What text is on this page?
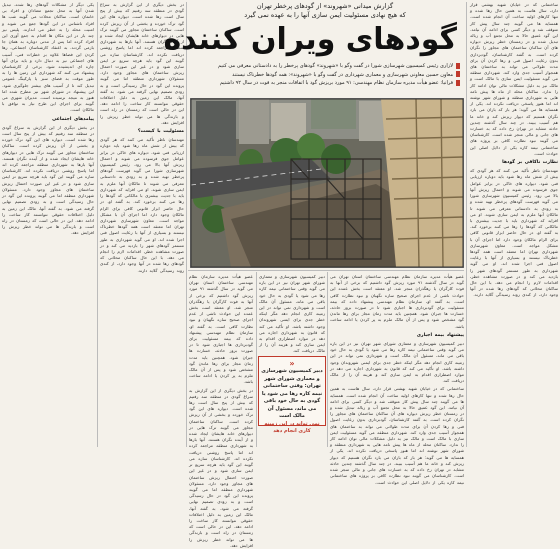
ساختمانی که در خیابان شهید بهشتی قرار دارد، سال هاست به همین حال رها شده و تنها کارهای اولیه ساخت آن انجام شده است. همسایه ها می گویند چند سال پیش کار متوقف شد و دیگر کسی برای ادامه آن نیامد. این گود عمیق حالا به محل تجمع آب و زباله تبدیل شده و در زمستان خطر ریزش دیواره های آن ساکنان ساختمان های مجاور را نگران کرده است. به گفته کارشناسان، گودبرداری بدون رعایت اصول فنی و رها کردن آن برای مدت طولانی می تواند به ساختمان های همجوار آسیب جدی وارد کند. شهرداری منطقه می گوید مسئولیت ایمن سازی با مالک است و مالک نیز به دلیل مشکلات مالی توان ادامه کار را ندارد. ساکنان محله از ماه ها پیش نامه هایی به شهرداری منطقه و شورای شهر نوشته اند اما هنوز پاسخی دریافت نکرده اند. یکی از همسایه ها می گوید: هر بار که باران می بارد نگران هستیم که دیوار ریزش کند و خانه ما هم آسیب ببیند. در چند سال گذشته چندین حادثه مشابه در تهران رخ داده که به خسارت های جانی و مالی منجر شده است. کارشناسان می گویند نبود نظارت کافی بر پروژه های ساختمانی نیمه کاره یکی از دلایل اصلی این حوادث است.

نظارت ناکافی بر گودها

مهندسان ناظر تأکید می کنند که هر گودی که بیش از شش ماه رها شود باید دوباره ارزیابی فنی شود. دیواره های خاکی در برابر عوامل جوی فرسوده می شوند و احتمال ریزش آنها بالا می رود. رئیس کمیسیون شهرسازی شورا می گوید فهرست گودهای پرخطر تهیه شده و به زودی به دادستانی معرفی می شوند تا مالکان آنها ملزم به ایمن سازی شوند. او می افزاید که شهرداری باید با جدیت بیشتری با مالکانی که گودها را رها می کنند برخورد کند. به گفته او، در حال حاضر ابزار قانونی کافی برای الزام مالکان وجود دارد اما اجرای آن با مشکل مواجه است. معاون شهرسازی شهرداری تهران اما معتقد است همه گودها خطرناک نیستند و بسیاری از آنها با رعایت اصول فنی اجرا شده اند. او می گوید شهرداری به طور مستمر گودهای شهر را بازدید می کند و در صورت مشاهده خطر، اقدامات لازم را انجام می دهد. با این حال ساکنان محلاتی که گودهای رها شده در آنها وجود دارد، از کندی روند رسیدگی گلایه دارند.

یکی دیگر از مشکلات گودهای رها شده، تبدیل شدن آنها به محل تجمع معتادان و افراد بی خانمان است. ساکنان محلات می گویند شب ها افراد ناشناس در این گودها جمع می شوند و امنیت محله را به خطر می اندازند. پلیس نیز چند بار در این مکان ها اقدام به جمع آوری این افراد کرده اما پس از مدتی دوباره به همان جا بازمی گردند. به اعتقاد کارشناسان اجتماعی، رها کردن این فضاها علاوه بر خطرات فنی، آسیب های اجتماعی نیز به دنبال دارد و باید برای آنها چاره ای اندیشیده شود. برخی از کارشناسان پیشنهاد می کنند که شهرداری این زمین ها را به طور موقت به فضای سبز یا پارکینگ عمومی تبدیل کند تا از آسیب های بیشتر جلوگیری شود. این پیشنهاد در شورای شهر نیز مطرح شده اما هنوز به نتیجه نرسیده است. مدیران شهری می گویند برای اجرای این طرح نیاز به توافق با مالکان است.

پیامدهای اجتماعی

در بخش دیگری از این گزارش به سراغ گودی در منطقه سه رفتیم که بیش از پنج سال است رها شده است. دیواره های این گود ترک خورده و بخشی از آن ریزش کرده است. ساکنان ساختمان مجاور می گویند ترک هایی در دیوارهای خانه هایشان ایجاد شده و از آینده نگران هستند. آنها بارها به شهرداری منطقه مراجعه کرده اند اما پاسخ روشنی دریافت نکرده اند. کارشناسان سازه می گویند این گود باید هرچه سریع تر ایمن سازی شود و در غیر این صورت احتمال ریزش ساختمان های مجاور وجود دارد. مسئولان شهرداری منطقه اما می گویند پرونده این گود در حال رسیدگی است و به زودی تصمیم نهایی گرفته می شود. به گفته آنها، مالک این زمین به دلیل اختلافات حقوقی نتوانسته کار ساخت را ادامه دهد. این در حالی است که زمستان در راه است و بارندگی ها می تواند خطر ریزش را افزایش دهد.

در بخش دیگری از این گزارش به سراغ گودی در منطقه سه رفتیم که بیش از پنج سال است رها شده است. دیواره های این گود ترک خورده و بخشی از آن ریزش کرده است. ساکنان ساختمان مجاور می گویند ترک هایی در دیوارهای خانه هایشان ایجاد شده و از آینده نگران هستند. آنها بارها به شهرداری منطقه مراجعه کرده اند اما پاسخ روشنی دریافت نکرده اند. کارشناسان سازه می گویند این گود باید هرچه سریع تر ایمن سازی شود و در غیر این صورت احتمال ریزش ساختمان های مجاور وجود دارد. مسئولان شهرداری منطقه اما می گویند پرونده این گود در حال رسیدگی است و به زودی تصمیم نهایی گرفته می شود. به گفته آنها، مالک این زمین به دلیل اختلافات حقوقی نتوانسته کار ساخت را ادامه دهد. این در حالی است که زمستان در راه است و بارندگی ها می تواند خطر ریزش را افزایش دهد.

مسئولیت با کیست؟

مهندسان ناظر تأکید می کنند که هر گودی که بیش از شش ماه رها شود باید دوباره ارزیابی فنی شود. دیواره های خاکی در برابر عوامل جوی فرسوده می شوند و احتمال ریزش آنها بالا می رود. رئیس کمیسیون شهرسازی شورا می گوید فهرست گودهای پرخطر تهیه شده و به زودی به دادستانی معرفی می شوند تا مالکان آنها ملزم به ایمن سازی شوند. او می افزاید که شهرداری باید با جدیت بیشتری با مالکانی که گودها را رها می کنند برخورد کند. به گفته او، در حال حاضر ابزار قانونی کافی برای الزام مالکان وجود دارد اما اجرای آن با مشکل مواجه است. معاون شهرسازی شهرداری تهران اما معتقد است همه گودها خطرناک نیستند و بسیاری از آنها با رعایت اصول فنی اجرا شده اند. او می گوید شهرداری به طور مستمر گودهای شهر را بازدید می کند و در صورت مشاهده خطر، اقدامات لازم را انجام می دهد. با این حال ساکنان محلاتی که گودهای رها شده در آنها وجود دارد، از کندی روند رسیدگی گلایه دارند.

گزارش میدانی «شهروند» از گودهای پرخطر تهران
که هیچ نهادی مسئولیت ایمن سازی آنها را به عهده نمی گیرد
گودهای ویران کننده
لازاری رئیس کمیسیون شهرسازی شورا در گفت وگو با «شهروند» گودهای پرخطر را به دادستانی معرفی می کنیم
معاون حسین معاونی شهرسازی و معماری شهرداری در گفت وگو با «شهروند»: همه گودها خطرناک نیستند
فرانیا: عضو هیأت مدیره سازمان نظام مهندسی: ۹۱ مورد بریزش گود با اتفاقات منجر به فوت در سال ۹۲ داشتیم

عضو هیأت مدیره سازمان نظام مهندسی ساختمان استان تهران می گوید در سال گذشته ۹۱ مورد ریزش گود داشتیم که برخی از آنها به فوت کارگران یا رهگذران منجر شد. او معتقد است بخش عمده این حوادث ناشی از عدم اجرای صحیح سازه نگهبان و نبود نظارت کافی است. به گفته او، سازمان نظام مهندسی پیشنهاد داده که بیمه مسئولیت برای گودبرداری ها اجباری شود تا در صورت بروز حادثه، خسارت ها جبران شود. همچنین باید مدت زمان مجاز برای رها ماندن گود مشخص شود و پس از آن مالک ملزم به پر کردن یا ادامه ساخت باشد.

پیشنهاد بیمه اجباری

دبیر کمیسیون شهرسازی و معماری شورای شهر تهران نیز در این باره می گوید وقتی ساختمانی نیمه کاره رها می شود یا گودی به حال خود باقی می ماند، مسئول آن مالک است و شهرداری نمی تواند در این زمینه کاری انجام دهد مگر اینکه خطر جدی برای ایمنی شهروندان وجود داشته باشد. او تأکید می کند که قانون به شهرداری اجازه می دهد در موارد اضطراری اقدام به ایمن سازی کند و هزینه آن را از مالک دریافت کند.

ساختمانی که در خیابان شهید بهشتی قرار دارد، سال هاست به همین حال رها شده و تنها کارهای اولیه ساخت آن انجام شده است. همسایه ها می گویند چند سال پیش کار متوقف شد و دیگر کسی برای ادامه آن نیامد. این گود عمیق حالا به محل تجمع آب و زباله تبدیل شده و در زمستان خطر ریزش دیواره های آن ساکنان ساختمان های مجاور را نگران کرده است. به گفته کارشناسان، گودبرداری بدون رعایت اصول فنی و رها کردن آن برای مدت طولانی می تواند به ساختمان های همجوار آسیب جدی وارد کند. شهرداری منطقه می گوید مسئولیت ایمن سازی با مالک است و مالک نیز به دلیل مشکلات مالی توان ادامه کار را ندارد. ساکنان محله از ماه ها پیش نامه هایی به شهرداری منطقه و شورای شهر نوشته اند اما هنوز پاسخی دریافت نکرده اند. یکی از همسایه ها می گوید: هر بار که باران می بارد نگران هستیم که دیوار ریزش کند و خانه ما هم آسیب ببیند. در چند سال گذشته چندین حادثه مشابه در تهران رخ داده که به خسارت های جانی و مالی منجر شده است. کارشناسان می گویند نبود نظارت کافی بر پروژه های ساختمانی نیمه کاره یکی از دلایل اصلی این حوادث است.

دبیر کمیسیون شهرسازی و معماری شورای شهر تهران نیز در این باره می گوید وقتی ساختمانی نیمه کاره رها می شود یا گودی به حال خود باقی می ماند، مسئول آن مالک است و شهرداری نمی تواند در این زمینه کاری انجام دهد مگر اینکه خطر جدی برای ایمنی شهروندان وجود داشته باشد. او تأکید می کند که قانون به شهرداری اجازه می دهد در موارد اضطراری اقدام به ایمن سازی کند و هزینه آن را از مالک دریافت کند.

عضو هیأت مدیره سازمان نظام مهندسی ساختمان استان تهران می گوید در سال گذشته ۹۱ مورد ریزش گود داشتیم که برخی از آنها به فوت کارگران یا رهگذران منجر شد. او معتقد است بخش عمده این حوادث ناشی از عدم اجرای صحیح سازه نگهبان و نبود نظارت کافی است. به گفته او، سازمان نظام مهندسی پیشنهاد داده که بیمه مسئولیت برای گودبرداری ها اجباری شود تا در صورت بروز حادثه، خسارت ها جبران شود. همچنین باید مدت زمان مجاز برای رها ماندن گود مشخص شود و پس از آن مالک ملزم به پر کردن یا ادامه ساخت باشد.

در بخش دیگری از این گزارش به سراغ گودی در منطقه سه رفتیم که بیش از پنج سال است رها شده است. دیواره های این گود ترک خورده و بخشی از آن ریزش کرده است. ساکنان ساختمان مجاور می گویند ترک هایی در دیوارهای خانه هایشان ایجاد شده و از آینده نگران هستند. آنها بارها به شهرداری منطقه مراجعه کرده اند اما پاسخ روشنی دریافت نکرده اند. کارشناسان سازه می گویند این گود باید هرچه سریع تر ایمن سازی شود و در غیر این صورت احتمال ریزش ساختمان های مجاور وجود دارد. مسئولان شهرداری منطقه اما می گویند پرونده این گود در حال رسیدگی است و به زودی تصمیم نهایی گرفته می شود. به گفته آنها، مالک این زمین به دلیل اختلافات حقوقی نتوانسته کار ساخت را ادامه دهد. این در حالی است که زمستان در راه است و بارندگی ها می تواند خطر ریزش را افزایش دهد.

«
دبیر کمیسیون شهرسازی و معماری شورای شهر تهران: وقتی ساختمانی نیمه کاره رها می شود یا گودی به حال خود باقی می ماند، مسئول آن مالک است
نمی تواند در این زمینه کاری انجام دهد
